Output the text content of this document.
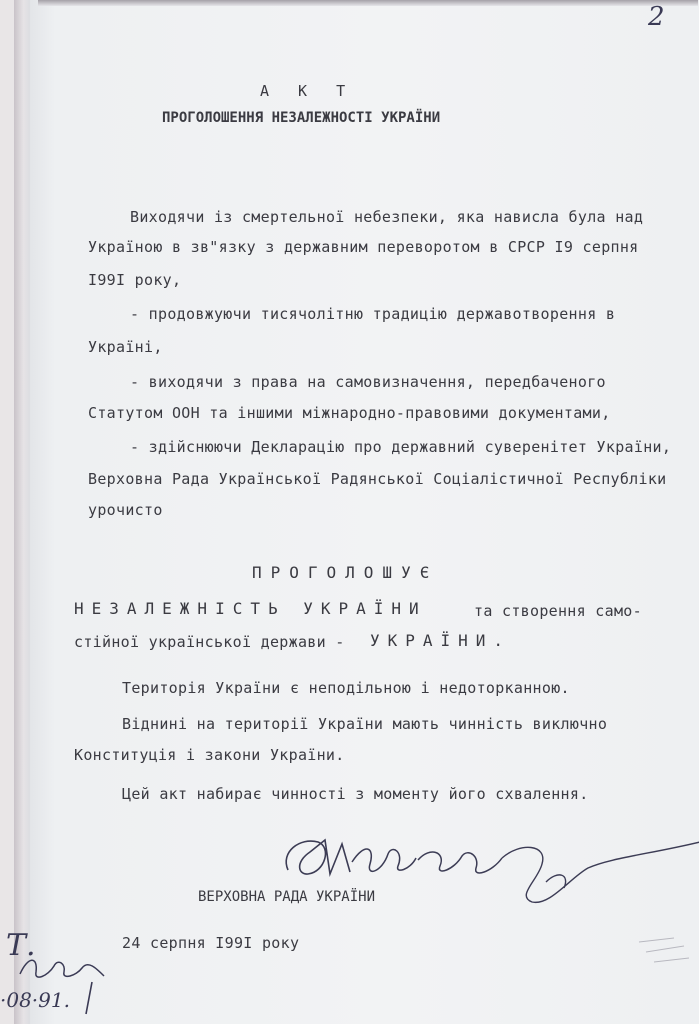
2
А К Т
ПРОГОЛОШЕННЯ НЕЗАЛЕЖНОСТІ УКРАЇНИ
Виходячи із смертельної небезпеки, яка нависла була над
Україною в зв"язку з державним переворотом в СРСР I9 серпня
I99I року,
- продовжуючи тисячолітню традицію державотворення в
Україні,
- виходячи з права на самовизначення, передбаченого
Статутом ООН та іншими міжнародно-правовими документами,
- здійснюючи Декларацію про державний суверенітет України,
Верховна Рада Української Радянської Соціалістичної Республіки
урочисто
ПРОГОЛОШУЄ
НЕЗАЛЕЖНІСТЬ УКРАЇНИ	та створення само-
стійної української держави - УКРАЇНИ.
Територія України є неподільною і недоторканною.
Віднині на території України мають чинність виключно
Конституція і закони України.
Цей акт набирає чинності з моменту його схвалення.
ВЕРХОВНА РАДА УКРАЇНИ
24 серпня I99I року
Т.
·08·91.
